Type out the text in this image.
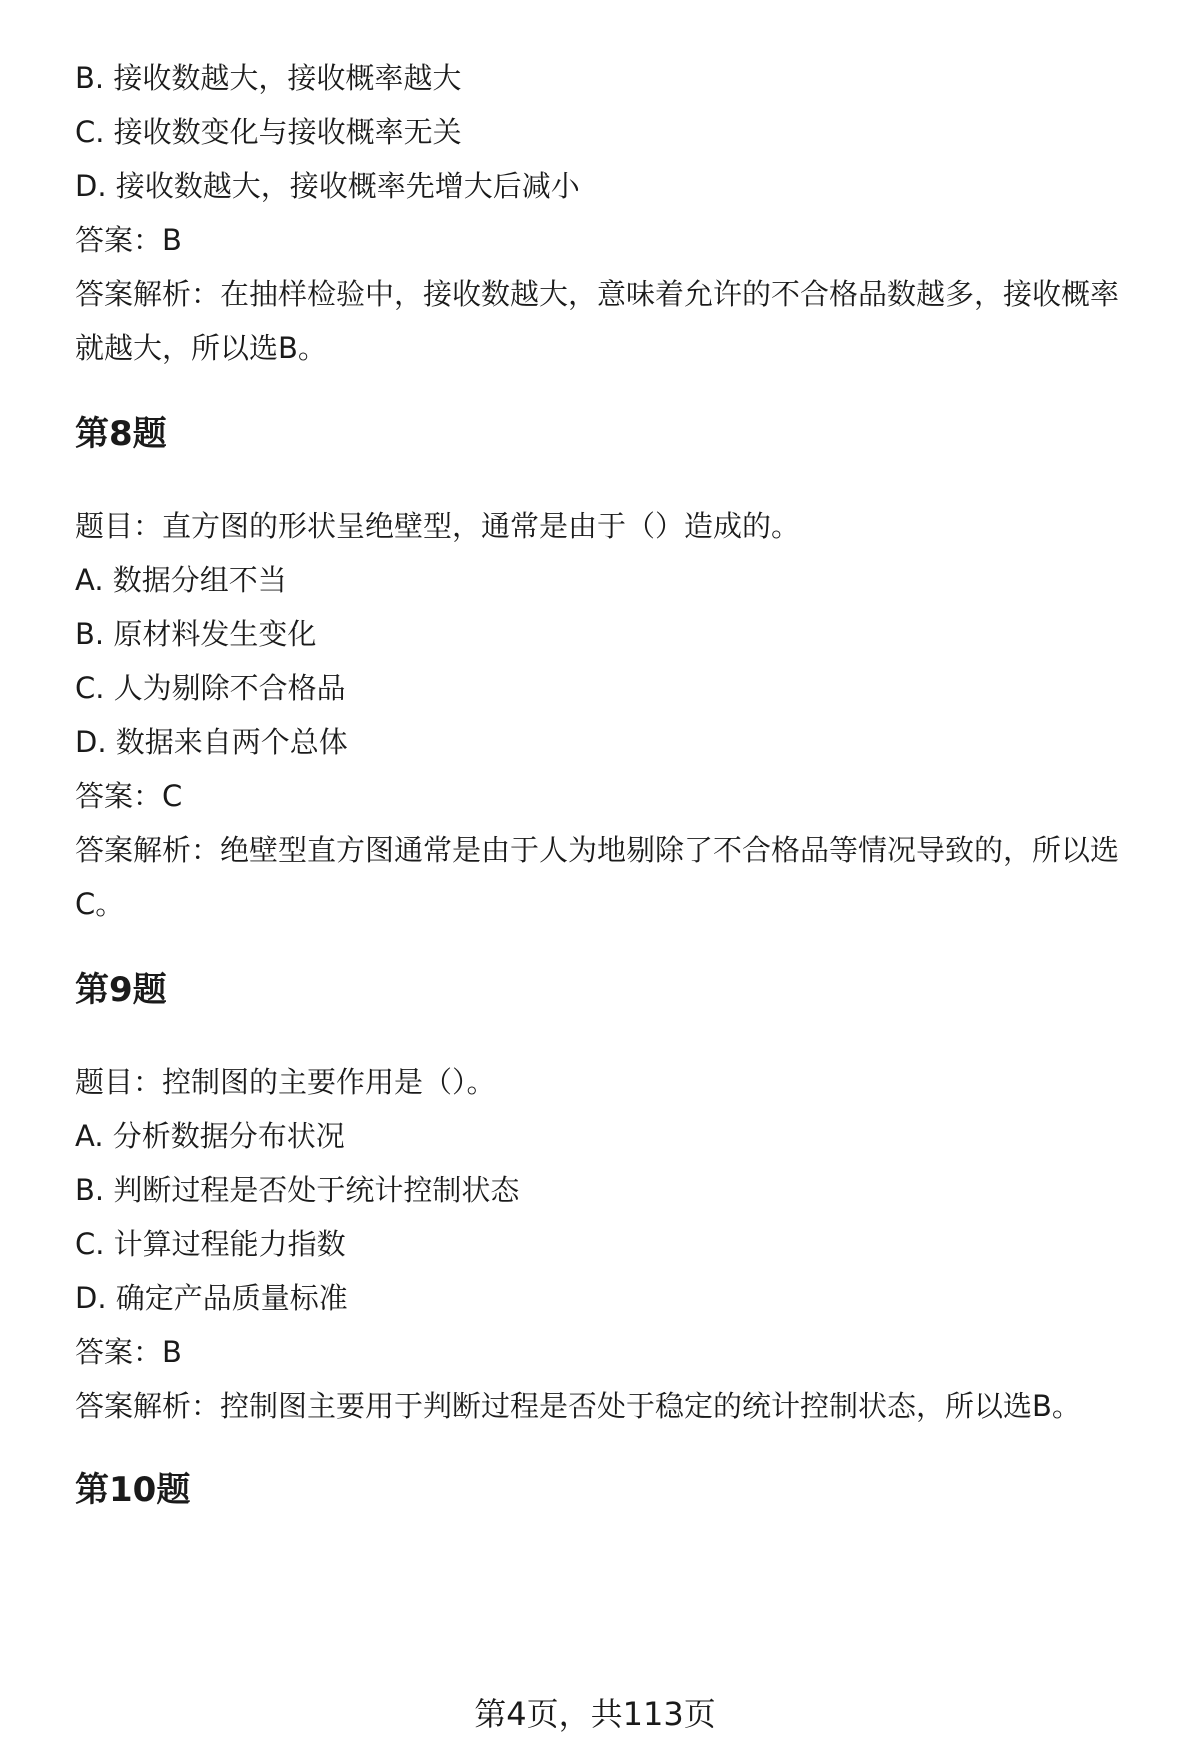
B. 接收数越大，接收概率越大
C. 接收数变化与接收概率无关
D. 接收数越大，接收概率先增大后减小
答案：B
答案解析：在抽样检验中，接收数越大，意味着允许的不合格品数越多，接收概率
就越大，所以选B。
第8题
题目：直方图的形状呈绝壁型，通常是由于（）造成的。
A. 数据分组不当
B. 原材料发生变化
C. 人为剔除不合格品
D. 数据来自两个总体
答案：C
答案解析：绝壁型直方图通常是由于人为地剔除了不合格品等情况导致的，所以选
C。
第9题
题目：控制图的主要作用是（）。
A. 分析数据分布状况
B. 判断过程是否处于统计控制状态
C. 计算过程能力指数
D. 确定产品质量标准
答案：B
答案解析：控制图主要用于判断过程是否处于稳定的统计控制状态，所以选B。
第10题
第4页，共113页
